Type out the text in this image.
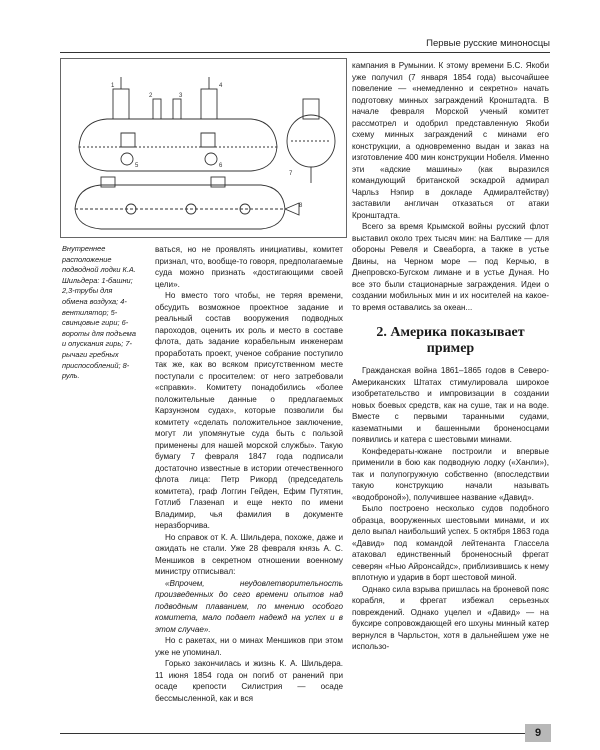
Первые русские миноносцы
1
2	3
4
5	6
7
8
Внутреннее расположение подводной лодки К.А. Шильдера: 1-башни; 2,3-трубы для обмена воздуха; 4-вентилятор; 5-свинцовые гири; 6-вороты для подъема и опускания гирь; 7-рычаги гребных приспособлений; 8-руль.

ваться, но не проявлять инициативы, комитет признал, что, вообще-то говоря, предполагаемые суда можно признать «достигающими своей цели».

Но вместо того чтобы, не теряя времени, обсудить возможное проектное задание и реальный состав вооружения подводных пароходов, оценить их роль и место в составе флота, дать задание корабельным инженерам проработать проект, ученое собрание поступило так же, как во всяком присутственном месте поступали с просителем: от него затребовали «справки». Комитету понадобились «более положительные данные о предлагаемых Карзунэном судах», которые позволили бы комитету «сделать положительное заключение, могут ли упомянутые суда быть с пользой применены для нашей морской службы». Такую бумагу 7 февраля 1847 года подписали достаточно известные в истории отечественного флота лица: Петр Рикорд (председатель комитета), граф Логгин Гейден, Ефим Путятин, Готлиб Глазенап и еще некто по имени Владимир, чья фамилия в документе неразборчива.

Но справок от К. А. Шильдера, похоже, даже и ожидать не стали. Уже 28 февраля князь А. С. Меншиков в секретном отношении военному министру отписывал:

«Впрочем, неудовлетворительность произведенных до сего времени опытов над подводным плаванием, по мнению особого комитета, мало подает надежд на успех и в этом случае».

Но с ракетах, ни о минах Меншиков при этом уже не упоминал.

Горько закончилась и жизнь К. А. Шильдера. 11 июня 1854 года он погиб от ранений при осаде крепости Силистрия — осаде бессмысленной, как и вся

кампания в Румынии. К этому времени Б.С. Якоби уже получил (7 января 1854 года) высочайшее повеление — «немедленно и секретно» начать подготовку минных заграждений Кронштадта. В начале февраля Морской ученый комитет рассмотрел и одобрил представленную Якоби схему минных заграждений с минами его конструкции, а одновременно выдан и заказ на изготовление 400 мин конструкции Нобеля. Именно эти «адские машины» (как выразился командующий британской эскадрой адмирал Чарльз Нэпир в докладе Адмиралтейству) заставили англичан отказаться от атаки Кронштадта.

Всего за время Крымской войны русский флот выставил около трех тысяч мин: на Балтике — для обороны Ревеля и Свеаборга, а также в устье Двины, на Черном море — под Керчью, в Днепровско-Бугском лимане и в устье Дуная. Но все это были стационарные заграждения. Идеи о создании мобильных мин и их носителей на какое-то время оставались за океан...

2. Америка показывает пример

Гражданская война 1861–1865 годов в Северо-Американских Штатах стимулировала широкое изобретательство и импровизации в создании новых боевых средств, как на суше, так и на воде. Вместе с первыми таранными судами, казематными и башенными броненосцами появились и катера с шестовыми минами.

Конфедераты-южане построили и впервые применили в бою как подводную лодку («Ханли»), так и полупогружную собственно (впоследствии такую конструкцию начали называть «водоброной»), получившее название «Давид».

Было построено несколько судов подобного образца, вооруженных шестовыми минами, и их дело выпал наибольший успех. 5 октября 1863 года «Давид» под командой лейтенанта Глассела атаковал единственный броненосный фрегат северян «Нью Айронсайдс», приблизившись к нему вплотную и ударив в борт шестовой миной.

Однако сила взрыва пришлась на броневой пояс корабля, и фрегат избежал серьезных повреждений. Однако уцелел и «Давид» — на буксире сопровождающей его шхуны минный катер вернулся в Чарльстон, хотя в дальнейшем уже не использо-

9
